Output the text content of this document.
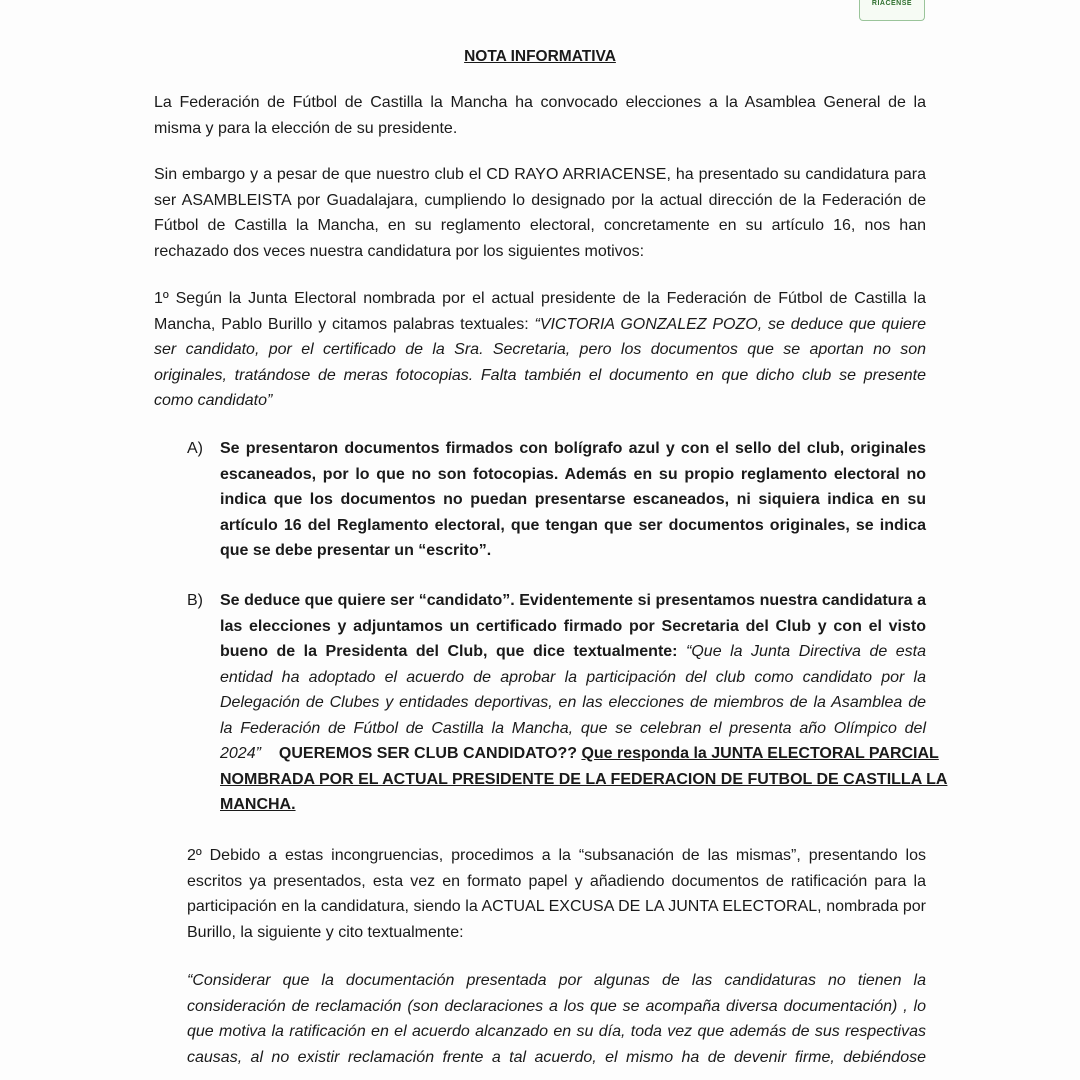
RIACENSE
NOTA INFORMATIVA
La Federación de Fútbol de Castilla la Mancha ha convocado elecciones a la Asamblea General de la
misma y para la elección de su presidente.
Sin embargo y a pesar de que nuestro club el CD RAYO ARRIACENSE, ha presentado su candidatura para
ser ASAMBLEISTA por Guadalajara, cumpliendo lo designado por la actual dirección de la Federación de
Fútbol de Castilla la Mancha, en su reglamento electoral, concretamente en su artículo 16, nos han
rechazado dos veces nuestra candidatura por los siguientes motivos:
1º Según la Junta Electoral nombrada por el actual presidente de la Federación de Fútbol de Castilla la
Mancha, Pablo Burillo y citamos palabras textuales: “VICTORIA GONZALEZ POZO, se deduce que quiere
ser candidato, por el certificado de la Sra. Secretaria, pero los documentos que se aportan no son
originales, tratándose de meras fotocopias. Falta también el documento en que dicho club se presente
como candidato”
A) Se presentaron documentos firmados con bolígrafo azul y con el sello del club, originales
escaneados, por lo que no son fotocopias. Además en su propio reglamento electoral no
indica que los documentos no puedan presentarse escaneados, ni siquiera indica en su
artículo 16 del Reglamento electoral, que tengan que ser documentos originales, se indica
que se debe presentar un “escrito”.
B) Se deduce que quiere ser “candidato”. Evidentemente si presentamos nuestra candidatura a
las elecciones y adjuntamos un certificado firmado por Secretaria del Club y con el visto
bueno de la Presidenta del Club, que dice textualmente: “Que la Junta Directiva de esta
entidad ha adoptado el acuerdo de aprobar la participación del club como candidato por la
Delegación de Clubes y entidades deportivas, en las elecciones de miembros de la Asamblea de
la Federación de Fútbol de Castilla la Mancha, que se celebran el presenta año Olímpico del
2024” QUEREMOS SER CLUB CANDIDATO?? Que responda la JUNTA ELECTORAL PARCIAL
NOMBRADA POR EL ACTUAL PRESIDENTE DE LA FEDERACION DE FUTBOL DE CASTILLA LA
MANCHA.
2º Debido a estas incongruencias, procedimos a la “subsanación de las mismas”, presentando los
escritos ya presentados, esta vez en formato papel y añadiendo documentos de ratificación para la
participación en la candidatura, siendo la ACTUAL EXCUSA DE LA JUNTA ELECTORAL, nombrada por
Burillo, la siguiente y cito textualmente:
“Considerar que la documentación presentada por algunas de las candidaturas no tienen la
consideración de reclamación (son declaraciones a los que se acompaña diversa documentación) , lo
que motiva la ratificación en el acuerdo alcanzado en su día, toda vez que además de sus respectivas
causas, al no existir reclamación frente a tal acuerdo, el mismo ha de devenir firme, debiéndose
